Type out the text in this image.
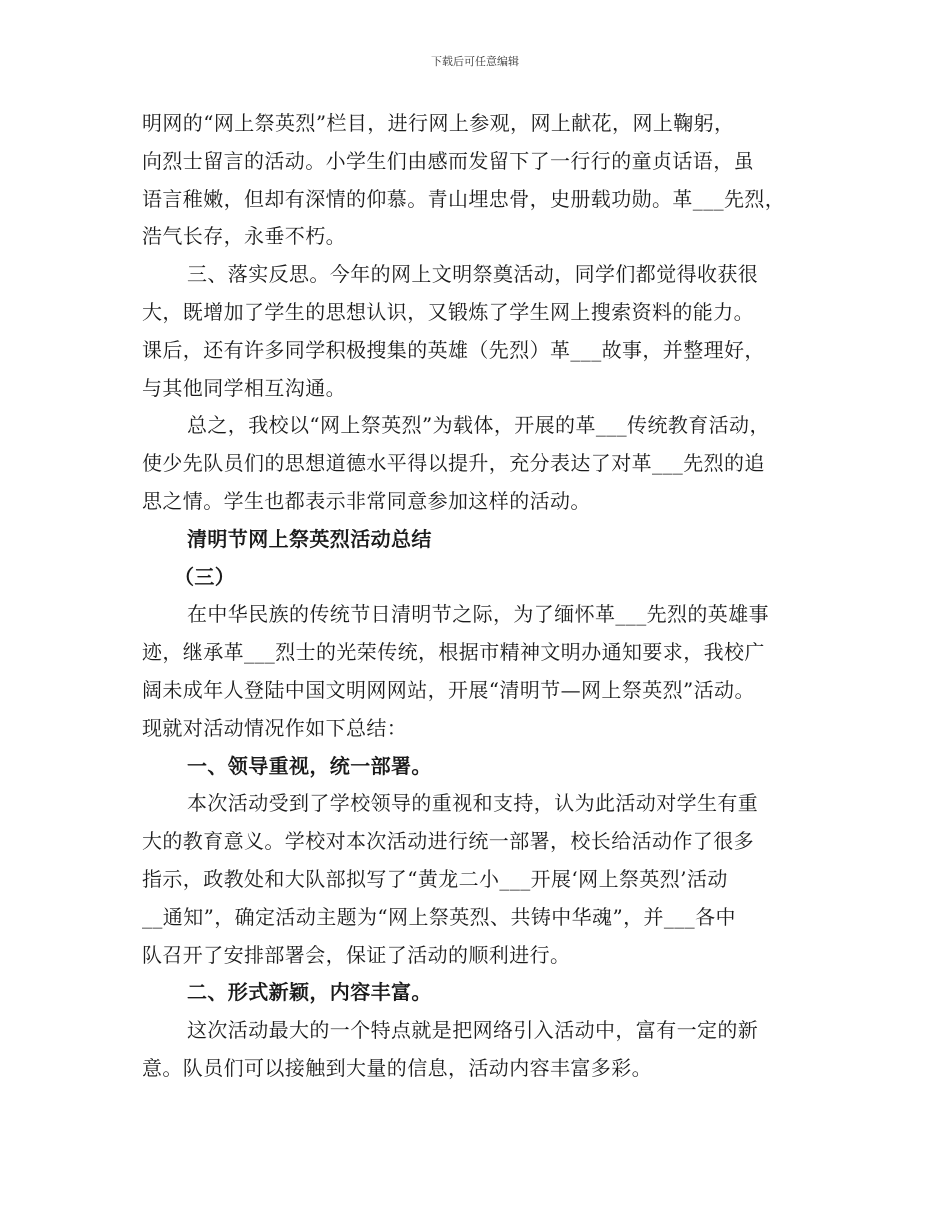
下载后可任意编辑
明网的“网上祭英烈”栏目，进行网上参观，网上献花，网上鞠躬，
向烈士留言的活动。小学生们由感而发留下了一行行的童贞话语，虽
语言稚嫩，但却有深情的仰慕。青山埋忠骨，史册载功勋。革___先烈，
浩气长存，永垂不朽。
三、落实反思。今年的网上文明祭奠活动，同学们都觉得收获很
大，既增加了学生的思想认识，又锻炼了学生网上搜索资料的能力。
课后，还有许多同学积极搜集的英雄（先烈）革___故事，并整理好，
与其他同学相互沟通。
总之，我校以“网上祭英烈”为载体，开展的革___传统教育活动，
使少先队员们的思想道德水平得以提升，充分表达了对革___先烈的追
思之情。学生也都表示非常同意参加这样的活动。
清明节网上祭英烈活动总结
（三）
在中华民族的传统节日清明节之际，为了缅怀革___先烈的英雄事
迹，继承革___烈士的光荣传统，根据市精神文明办通知要求，我校广
阔未成年人登陆中国文明网网站，开展“清明节—网上祭英烈”活动。
现就对活动情况作如下总结：
一、领导重视，统一部署。
本次活动受到了学校领导的重视和支持，认为此活动对学生有重
大的教育意义。学校对本次活动进行统一部署，校长给活动作了很多
指示，政教处和大队部拟写了“黄龙二小___开展‘网上祭英烈’活动
__通知”，确定活动主题为“网上祭英烈、共铸中华魂”，并___各中
队召开了安排部署会，保证了活动的顺利进行。
二、形式新颖，内容丰富。
这次活动最大的一个特点就是把网络引入活动中，富有一定的新
意。队员们可以接触到大量的信息，活动内容丰富多彩。
